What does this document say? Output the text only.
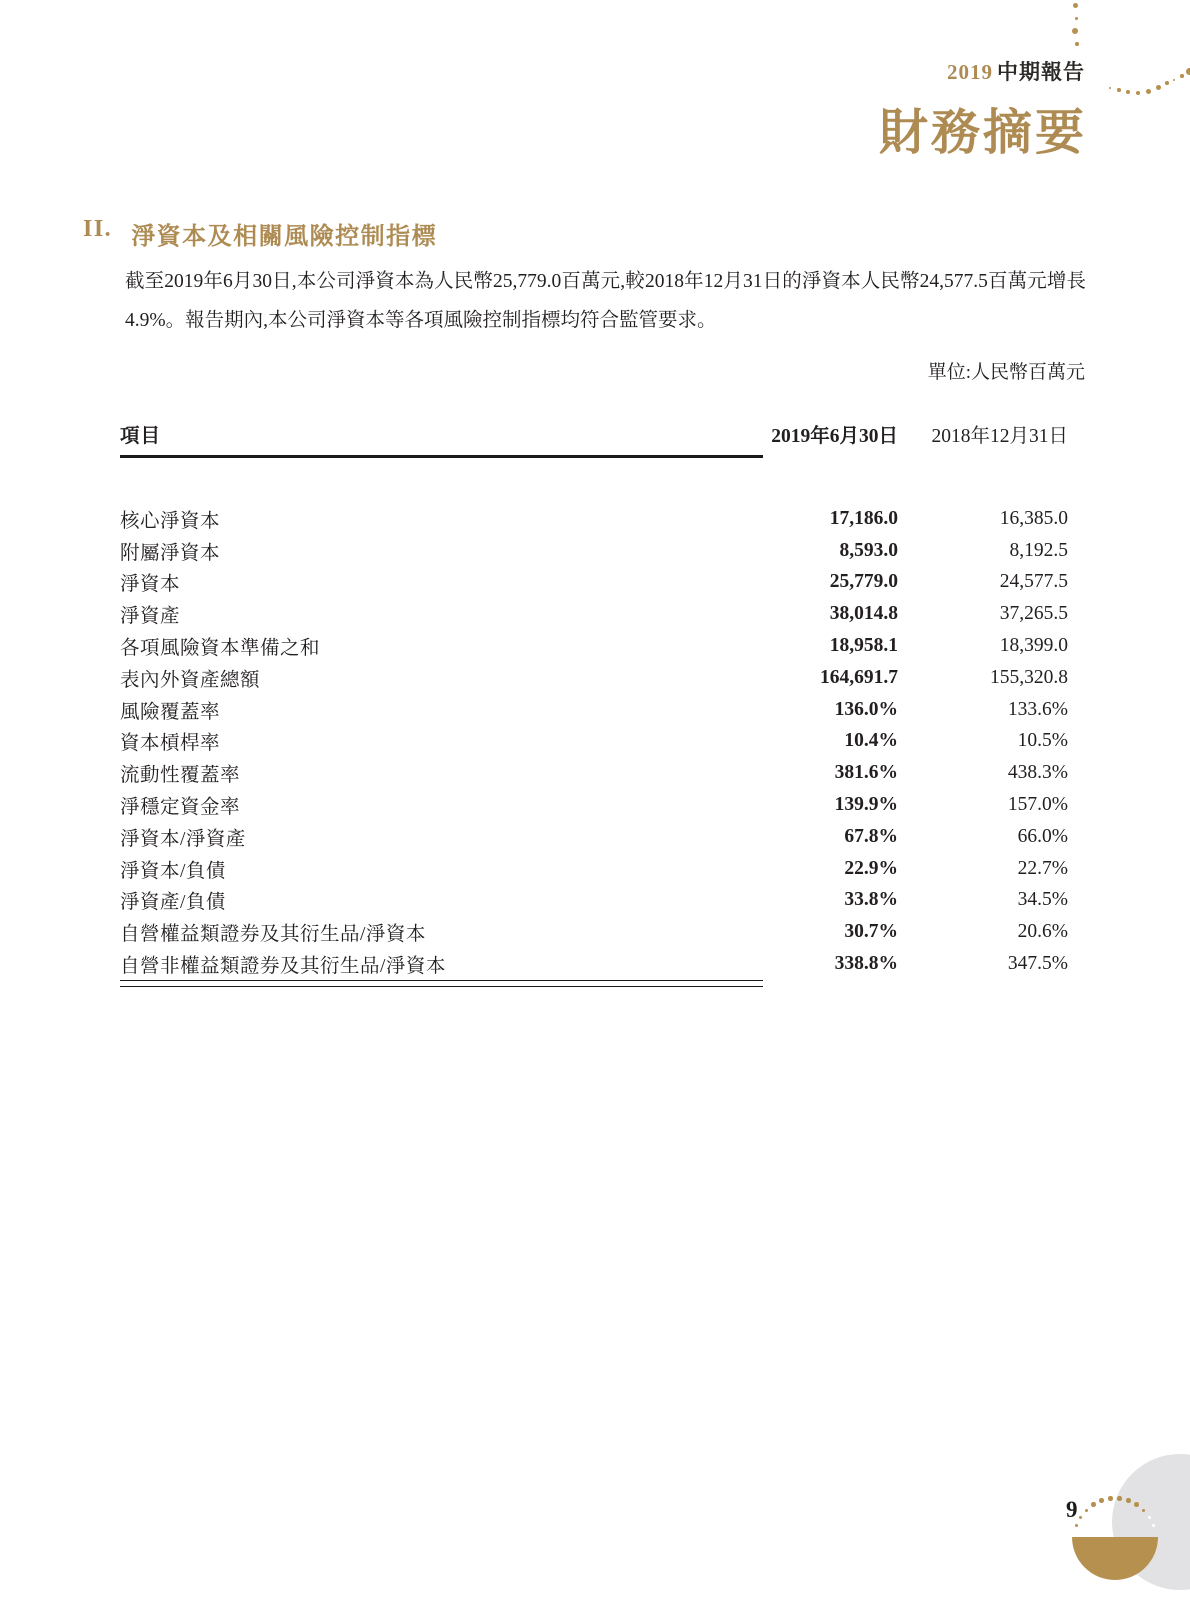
2019 中期報告
財務摘要
II. 淨資本及相關風險控制指標
截至2019年6月30日,本公司淨資本為人民幣25,779.0百萬元,較2018年12月31日的淨資本人民幣24,577.5百萬元增長4.9%。報告期內,本公司淨資本等各項風險控制指標均符合監管要求。
單位:人民幣百萬元
項目	2019年6月30日	2018年12月31日
核心淨資本	17,186.0	16,385.0
附屬淨資本	8,593.0	8,192.5
淨資本	25,779.0	24,577.5
淨資產	38,014.8	37,265.5
各項風險資本準備之和	18,958.1	18,399.0
表內外資產總額	164,691.7	155,320.8
風險覆蓋率	136.0%	133.6%
資本槓桿率	10.4%	10.5%
流動性覆蓋率	381.6%	438.3%
淨穩定資金率	139.9%	157.0%
淨資本/淨資產	67.8%	66.0%
淨資本/負債	22.9%	22.7%
淨資產/負債	33.8%	34.5%
自營權益類證券及其衍生品/淨資本	30.7%	20.6%
自營非權益類證券及其衍生品/淨資本	338.8%	347.5%
9
